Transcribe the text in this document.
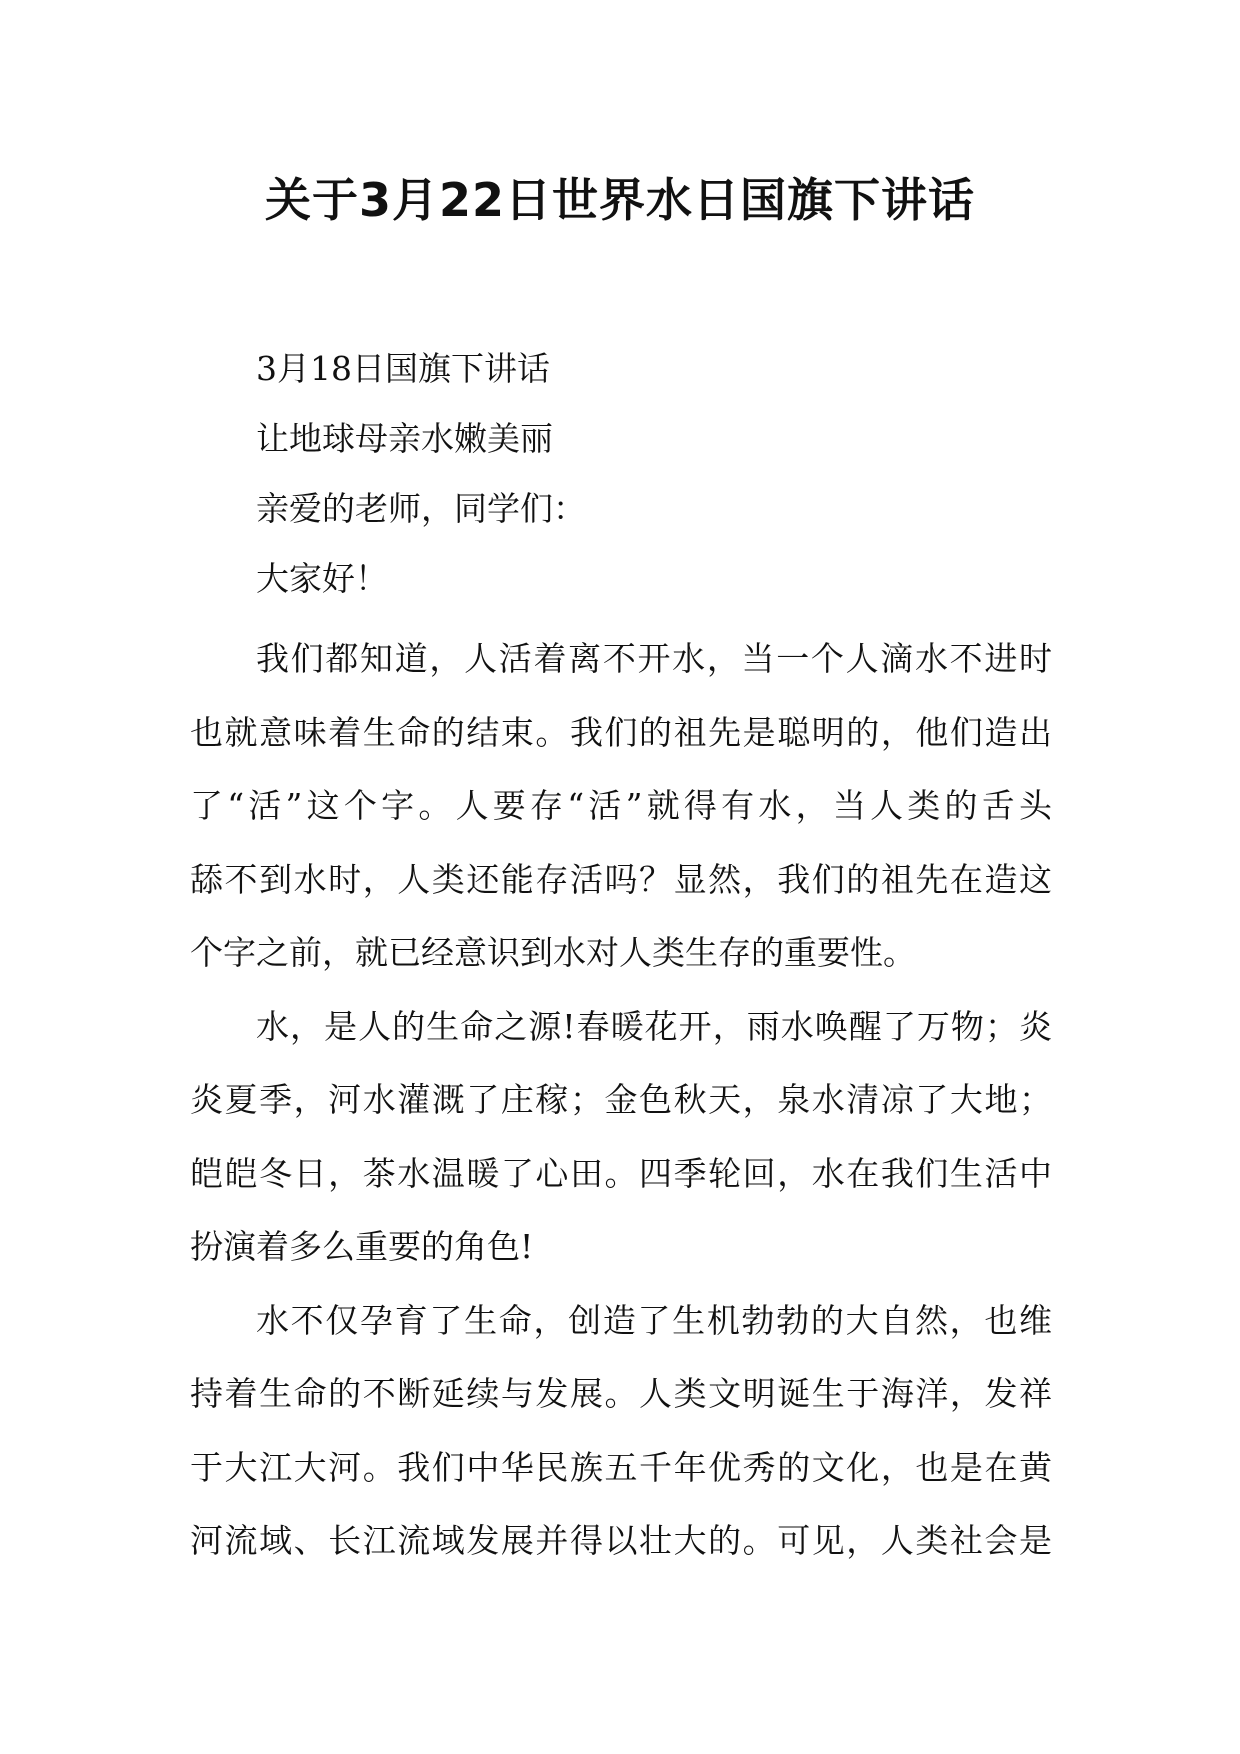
关于3月22日世界水日国旗下讲话
3月18日国旗下讲话
让地球母亲水嫩美丽
亲爱的老师，同学们：
大家好！
我们都知道，人活着离不开水，当一个人滴水不进时
也就意味着生命的结束。我们的祖先是聪明的，他们造出
了“活”这个字。人要存“活”就得有水，当人类的舌头
舔不到水时，人类还能存活吗？显然，我们的祖先在造这
个字之前，就已经意识到水对人类生存的重要性。
水，是人的生命之源!春暖花开，雨水唤醒了万物；炎
炎夏季，河水灌溉了庄稼；金色秋天，泉水清凉了大地；
皑皑冬日，茶水温暖了心田。四季轮回，水在我们生活中
扮演着多么重要的角色!
水不仅孕育了生命，创造了生机勃勃的大自然，也维
持着生命的不断延续与发展。人类文明诞生于海洋，发祥
于大江大河。我们中华民族五千年优秀的文化，也是在黄
河流域、长江流域发展并得以壮大的。可见，人类社会是
